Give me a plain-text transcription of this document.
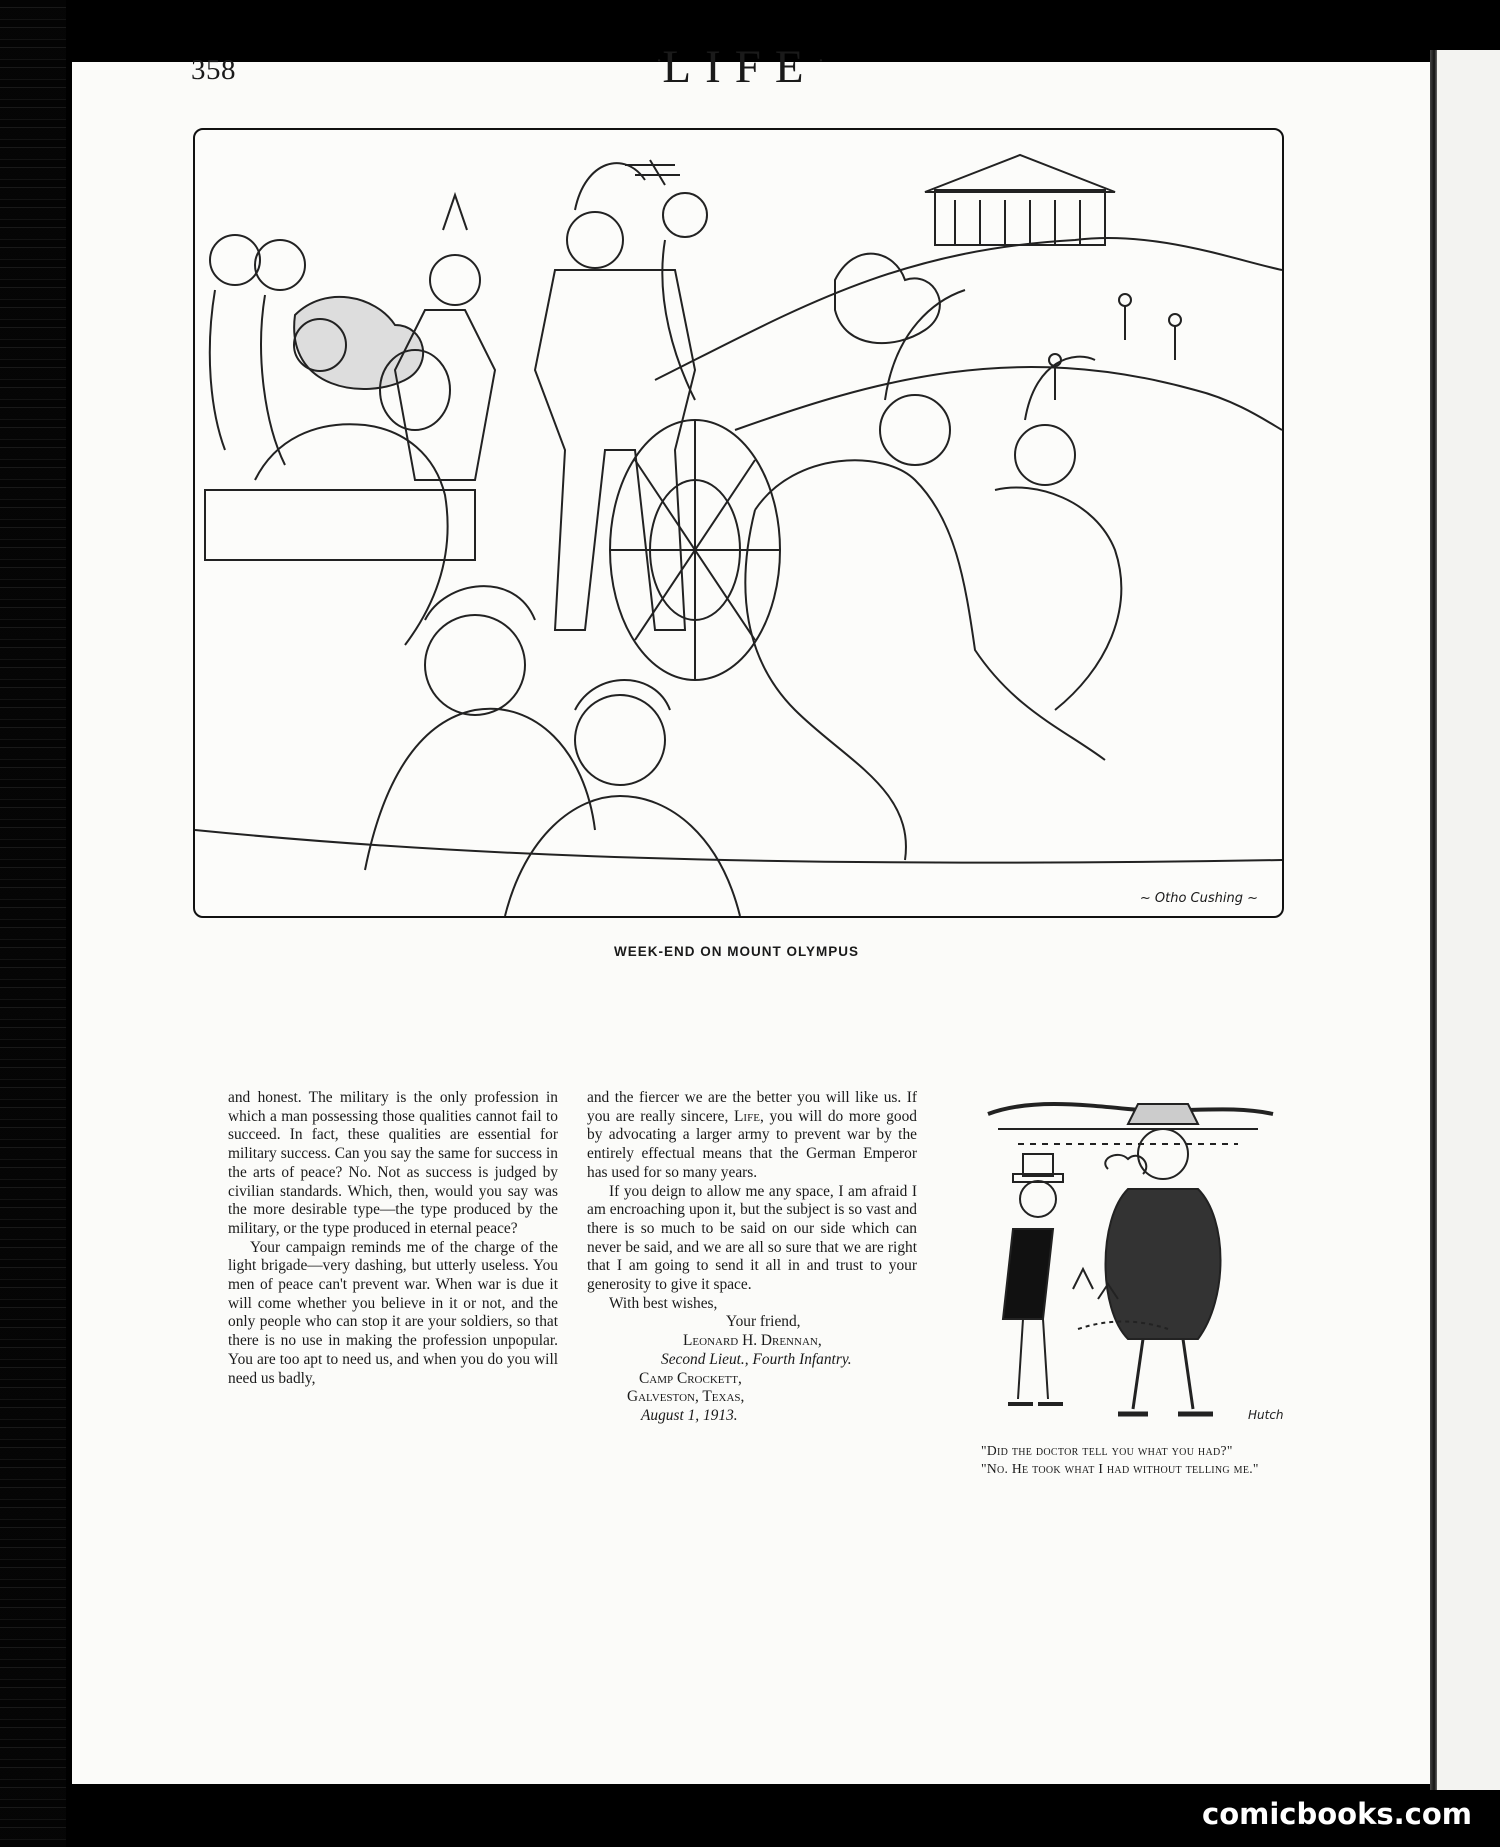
358	·LIFE·
~ Otho Cushing ~
WEEK-END ON MOUNT OLYMPUS

and honest. The military is the only profession in which a man possessing those qualities cannot fail to succeed. In fact, these qualities are essential for military success. Can you say the same for success in the arts of peace? No. Not as success is judged by civilian standards. Which, then, would you say was the more desirable type—the type produced by the military, or the type produced in eternal peace?

Your campaign reminds me of the charge of the light brigade—very dashing, but utterly useless. You men of peace can't prevent war. When war is due it will come whether you believe in it or not, and the only people who can stop it are your soldiers, so that there is no use in making the profession unpopular. You are too apt to need us, and when you do you will need us badly,

and the fiercer we are the better you will like us. If you are really sincere, Life, you will do more good by advocating a larger army to prevent war by the entirely effectual means that the German Emperor has used for so many years.

If you deign to allow me any space, I am afraid I am encroaching upon it, but the subject is so vast and there is so much to be said on our side which can never be said, and we are all so sure that we are right that I am going to send it all in and trust to your generosity to give it space.

With best wishes,

Your friend,

Leonard H. Drennan,

Second Lieut., Fourth Infantry.

Camp Crockett,

Galveston, Texas,

August 1, 1913.	Hutch

"Did the doctor tell you what you had?"

"No. He took what I had without telling me."

comicbooks.com
